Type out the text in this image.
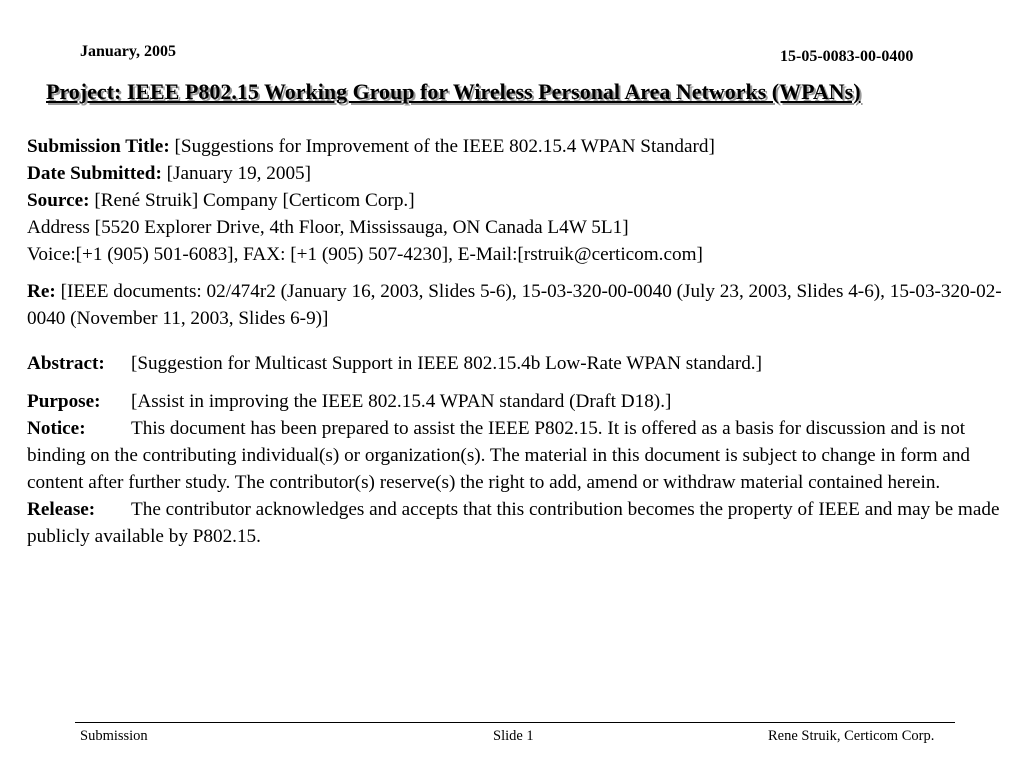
January, 2005	15-05-0083-00-0400
Project: IEEE P802.15 Working Group for Wireless Personal Area Networks (WPANs)

Submission Title: [Suggestions for Improvement of the IEEE 802.15.4 WPAN Standard]

Date Submitted: [January 19, 2005]

Source: [René Struik] Company [Certicom Corp.]

Address [5520 Explorer Drive, 4th Floor, Mississauga, ON Canada L4W 5L1]

Voice:[+1 (905) 501-6083], FAX: [+1 (905) 507-4230], E-Mail:[rstruik@certicom.com]

Re: [IEEE documents: 02/474r2 (January 16, 2003, Slides 5-6), 15-03-320-00-0040 (July 23, 2003, Slides 4-6), 15-03-320-02-0040 (November 11, 2003, Slides 6-9)]

Abstract: [Suggestion for Multicast Support in IEEE 802.15.4b Low-Rate WPAN standard.]

Purpose: [Assist in improving the IEEE 802.15.4 WPAN standard (Draft D18).]

Notice: This document has been prepared to assist the IEEE P802.15. It is offered as a basis for discussion and is not binding on the contributing individual(s) or organization(s). The material in this document is subject to change in form and content after further study. The contributor(s) reserve(s) the right to add, amend or withdraw material contained herein.

Release: The contributor acknowledges and accepts that this contribution becomes the property of IEEE and may be made publicly available by P802.15.

Submission	Slide 1	Rene Struik, Certicom Corp.
